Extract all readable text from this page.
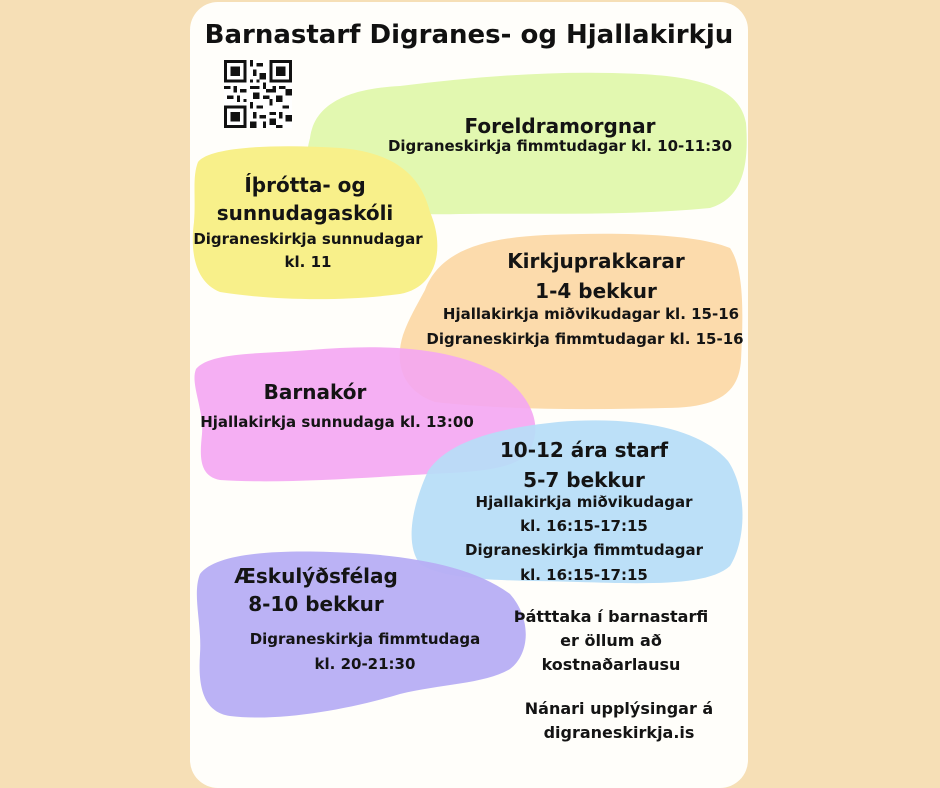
Barnastarf Digranes- og Hjallakirkju
Foreldramorgnar
Digraneskirkja fimmtudagar kl. 10-11:30
Íþrótta- og
sunnudagaskóli
Digraneskirkja sunnudagar
kl. 11	Kirkjuprakkarar
1-4 bekkur
Hjallakirkja miðvikudagar kl. 15-16
Digraneskirkja fimmtudagar kl. 15-16
Barnakór
Hjallakirkja sunnudaga kl. 13:00
10-12 ára starf
5-7 bekkur
Hjallakirkja miðvikudagar
kl. 16:15-17:15
Digraneskirkja fimmtudagar
kl. 16:15-17:15
Æskulýðsfélag
8-10 bekkur
Digraneskirkja fimmtudaga
kl. 20-21:30
Þátttaka í barnastarfi
er öllum að
kostnaðarlausu
Nánari upplýsingar á
digraneskirkja.is
